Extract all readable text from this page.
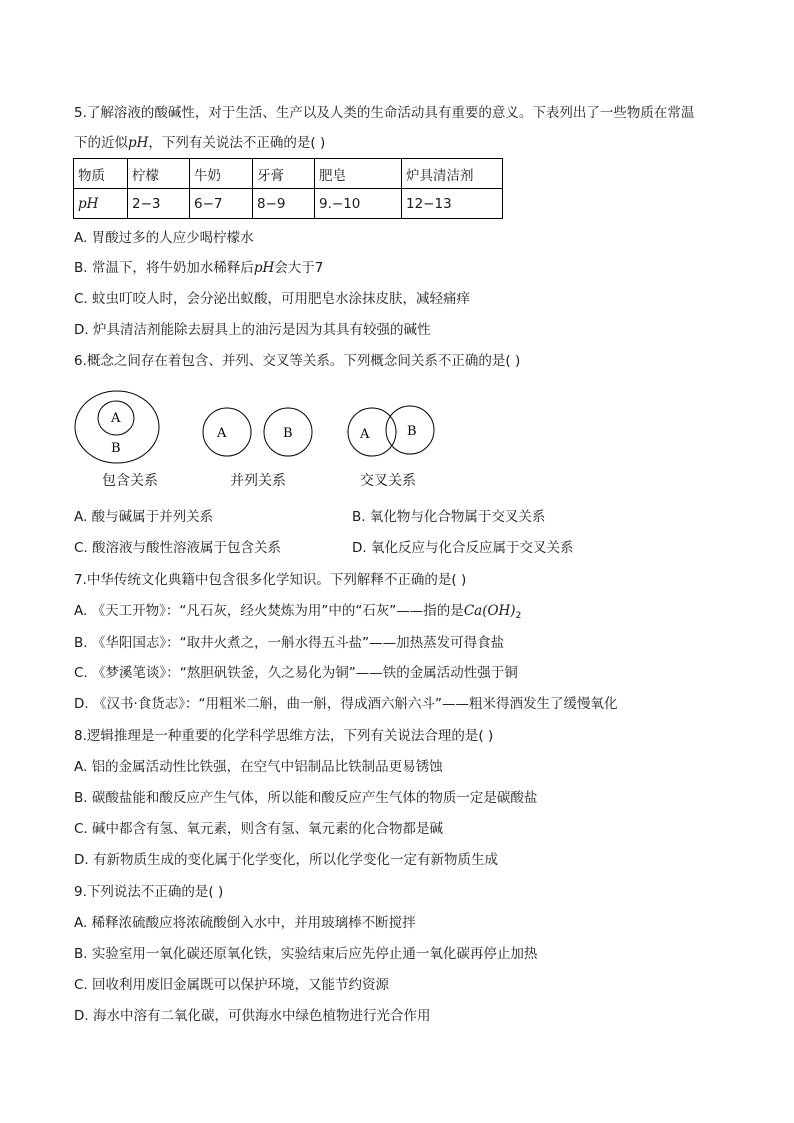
5.了解溶液的酸碱性，对于生活、生产以及人类的生命活动具有重要的意义。下表列出了一些物质在常温
下的近似pH，下列有关说法不正确的是( )
物质	柠檬	牛奶	牙膏	肥皂	炉具清洁剂
pH	2−3	6−7	8−9	9.−10	12−13
A. 胃酸过多的人应少喝柠檬水
B. 常温下，将牛奶加水稀释后pH会大于7
C. 蚊虫叮咬人时，会分泌出蚁酸，可用肥皂水涂抹皮肤，减轻痛痒
D. 炉具清洁剂能除去厨具上的油污是因为其具有较强的碱性
6.概念之间存在着包含、并列、交叉等关系。下列概念间关系不正确的是( )
A
B
A	B	A	B
包含关系	并列关系	交叉关系
A. 酸与碱属于并列关系	B. 氧化物与化合物属于交叉关系
C. 酸溶液与酸性溶液属于包含关系	D. 氧化反应与化合反应属于交叉关系
7.中华传统文化典籍中包含很多化学知识。下列解释不正确的是( )
A. 《天工开物》：“凡石灰，经火焚炼为用”中的“石灰”——指的是$Ca(OH)_2$
B. 《华阳国志》：“取井火煮之，一斛水得五斗盐”——加热蒸发可得食盐
C. 《梦溪笔谈》：“熬胆矾铁釜，久之易化为铜”——铁的金属活动性强于铜
D. 《汉书·食货志》：“用粗米二斛，曲一斛，得成酒六斛六斗”——粗米得酒发生了缓慢氧化
8.逻辑推理是一种重要的化学科学思维方法，下列有关说法合理的是( )
A. 铝的金属活动性比铁强，在空气中铝制品比铁制品更易锈蚀
B. 碳酸盐能和酸反应产生气体，所以能和酸反应产生气体的物质一定是碳酸盐
C. 碱中都含有氢、氧元素，则含有氢、氧元素的化合物都是碱
D. 有新物质生成的变化属于化学变化，所以化学变化一定有新物质生成
9.下列说法不正确的是( )
A. 稀释浓硫酸应将浓硫酸倒入水中，并用玻璃棒不断搅拌
B. 实验室用一氧化碳还原氧化铁，实验结束后应先停止通一氧化碳再停止加热
C. 回收利用废旧金属既可以保护环境，又能节约资源
D. 海水中溶有二氧化碳，可供海水中绿色植物进行光合作用
